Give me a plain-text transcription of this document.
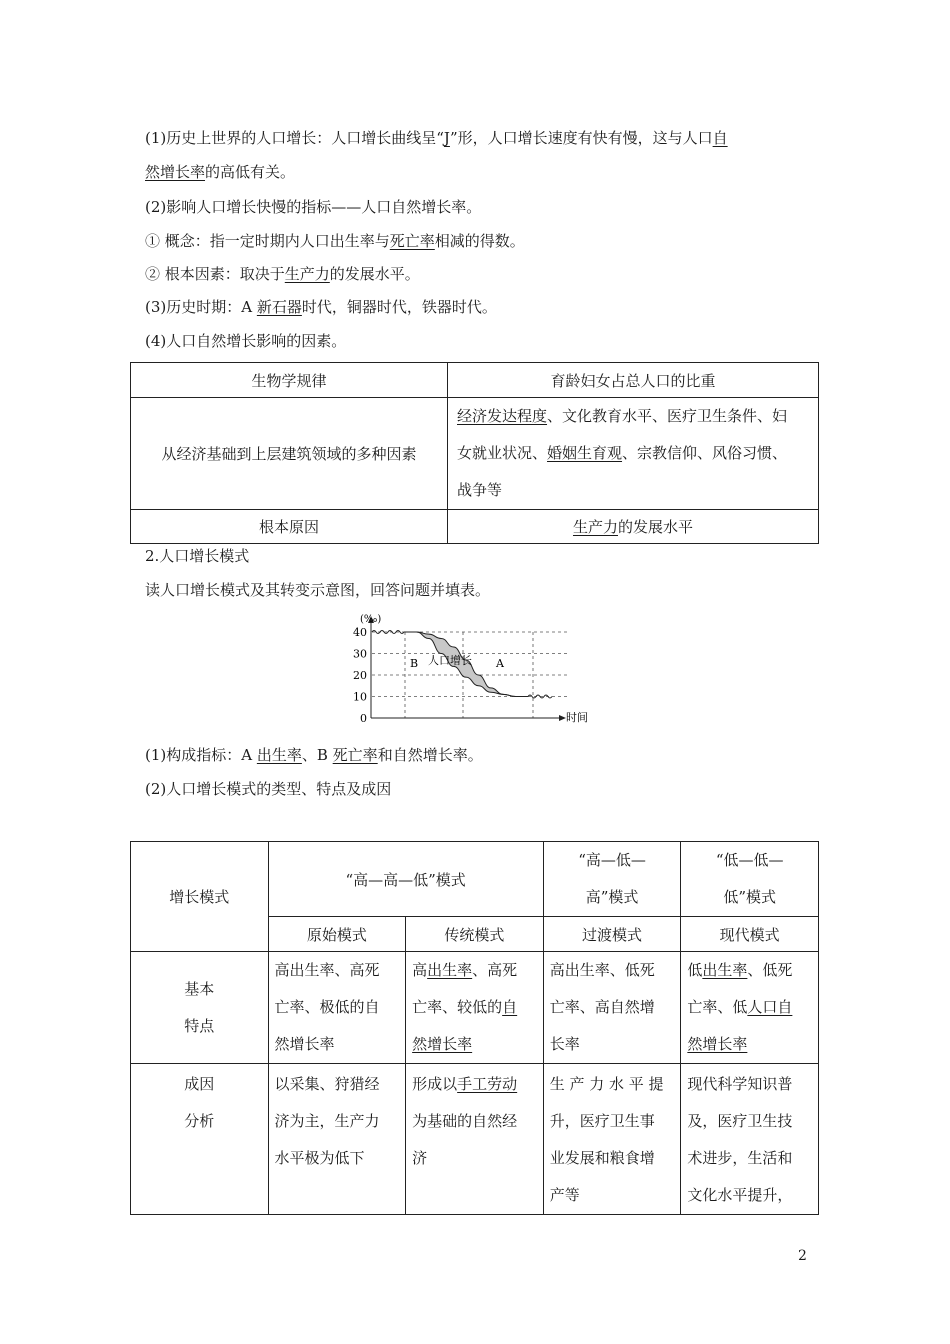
(1)历史上世界的人口增长：人口增长曲线呈“J”形，人口增长速度有快有慢，这与人口自
然增长率的高低有关。
(2)影响人口增长快慢的指标——人口自然增长率。
① 概念：指一定时期内人口出生率与死亡率相减的得数。
② 根本因素：取决于生产力的发展水平。
(3)历史时期：A 新石器时代，铜器时代，铁器时代。
(4)人口自然增长影响的因素。
生物学规律	育龄妇女占总人口的比重
从经济基础到上层建筑领域的多种因素	经济发达程度、文化教育水平、医疗卫生条件、妇
女就业状况、婚姻生育观、宗教信仰、风俗习惯、
战争等

根本原因	生产力的发展水平
2.人口增长模式
读人口增长模式及其转变示意图，回答问题并填表。
(‰)
时间
0
10
20
30
40
B 人口增长 A
(1)构成指标：A 出生率、B 死亡率和自然增长率。
(2)人口增长模式的类型、特点及成因
增长模式	“高—高—低”模式		“高—低—
高”模式	“低—低—
低”模式

	原始模式	传统模式	过渡模式	现代模式

基本
特点	高出生率、高死
亡率、极低的自
然增长率	高出生率、高死
亡率、较低的自
然增长率	高出生率、低死
亡率、高自然增
长率	低出生率、低死
亡率、低人口自
然增长率

成因
分析	以采集、狩猎经
济为主，生产力
水平极为低下	形成以手工劳动
为基础的自然经
济	生 产 力 水 平 提
升，医疗卫生事
业发展和粮食增
产等	现代科学知识普
及，医疗卫生技
术进步，生活和
文化水平提升，
2
